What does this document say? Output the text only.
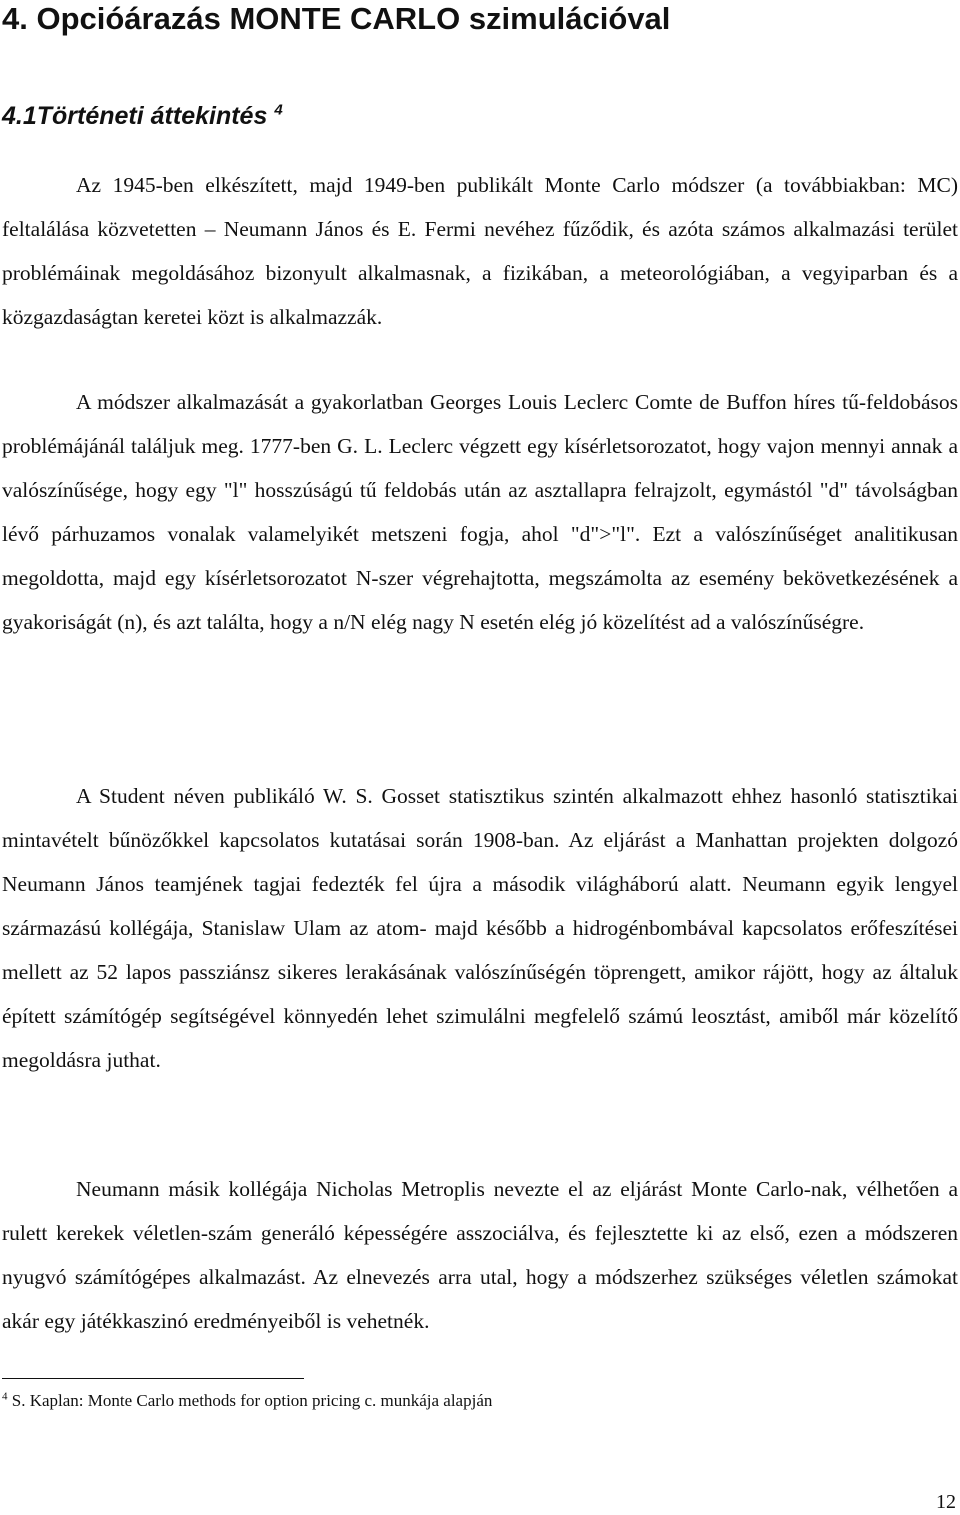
4. Opcióárazás MONTE CARLO szimulációval
4.1Történeti áttekintés $^4$

Az 1945-ben elkészített, majd 1949-ben publikált Monte Carlo módszer (a továbbiakban: MC) feltalálása közvetetten – Neumann János és E. Fermi nevéhez fűződik, és azóta számos alkalmazási terület problémáinak megoldásához bizonyult alkalmasnak, a fizikában, a meteorológiában, a vegyiparban és a közgazdaságtan keretei közt is alkalmazzák.

A módszer alkalmazását a gyakorlatban Georges Louis Leclerc Comte de Buffon híres tű-feldobásos problémájánál találjuk meg. 1777-ben G. L. Leclerc végzett egy kísérletsorozatot, hogy vajon mennyi annak a valószínűsége, hogy egy "l" hosszúságú tű feldobás után az asztallapra felrajzolt, egymástól "d" távolságban lévő párhuzamos vonalak valamelyikét metszeni fogja, ahol "d">"l". Ezt a valószínűséget analitikusan megoldotta, majd egy kísérletsorozatot N-szer végrehajtotta, megszámolta az esemény bekövetkezésének a gyakoriságát (n), és azt találta, hogy a n/N elég nagy N esetén elég jó közelítést ad a valószínűségre.

A Student néven publikáló W. S. Gosset statisztikus szintén alkalmazott ehhez hasonló statisztikai mintavételt bűnözőkkel kapcsolatos kutatásai során 1908-ban. Az eljárást a Manhattan projekten dolgozó Neumann János teamjének tagjai fedezték fel újra a második világháború alatt. Neumann egyik lengyel származású kollégája, Stanislaw Ulam az atom- majd később a hidrogénbombával kapcsolatos erőfeszítései mellett az 52 lapos passziánsz sikeres lerakásának valószínűségén töprengett, amikor rájött, hogy az általuk épített számítógép segítségével könnyedén lehet szimulálni megfelelő számú leosztást, amiből már közelítő megoldásra juthat.

Neumann másik kollégája Nicholas Metroplis nevezte el az eljárást Monte Carlo-nak, vélhetően a rulett kerekek véletlen-szám generáló képességére asszociálva, és fejlesztette ki az első, ezen a módszeren nyugvó számítógépes alkalmazást. Az elnevezés arra utal, hogy a módszerhez szükséges véletlen számokat akár egy játékkaszinó eredményeiből is vehetnék.

$^4$ S. Kaplan: Monte Carlo methods for option pricing c. munkája alapján

12
